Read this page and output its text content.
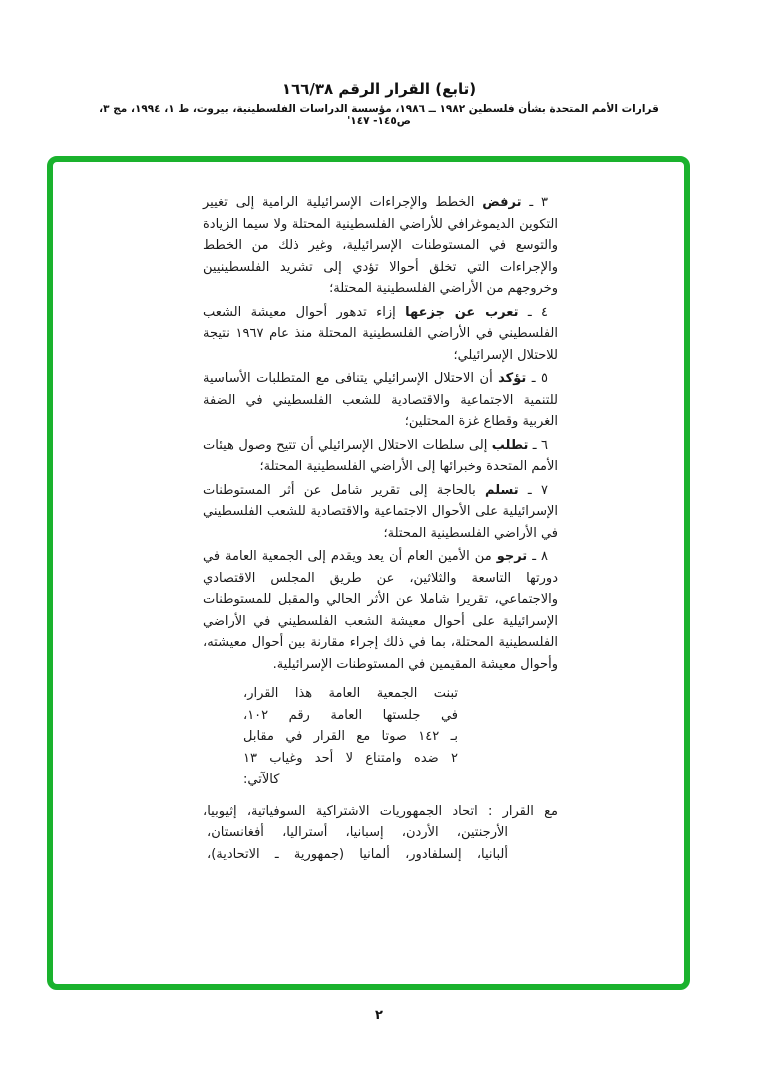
(تابع) القرار الرقم ١٦٦/٣٨
قرارات الأمم المتحدة بشأن فلسطين ١٩٨٢ ــ ١٩٨٦، مؤسسة الدراسات الفلسطينية، بيروت، ط ١، ١٩٩٤، مج ٣، ص١٤٥- ١٤٧'

٣ ـ ترفض الخطط والإجراءات الإسرائيلية الرامية إلى تغيير التكوين الديموغرافي للأراضي الفلسطينية المحتلة ولا سيما الزيادة والتوسع في المستوطنات الإسرائيلية، وغير ذلك من الخطط والإجراءات التي تخلق أحوالا تؤدي إلى تشريد الفلسطينيين وخروجهم من الأراضي الفلسطينية المحتلة؛

٤ ـ تعرب عن جزعها إزاء تدهور أحوال معيشة الشعب الفلسطيني في الأراضي الفلسطينية المحتلة منذ عام ١٩٦٧ نتيجة للاحتلال الإسرائيلي؛

٥ ـ تؤكد أن الاحتلال الإسرائيلي يتنافى مع المتطلبات الأساسية للتنمية الاجتماعية والاقتصادية للشعب الفلسطيني في الضفة الغربية وقطاع غزة المحتلين؛

٦ ـ تطلب إلى سلطات الاحتلال الإسرائيلي أن تتيح وصول هيئات الأمم المتحدة وخبرائها إلى الأراضي الفلسطينية المحتلة؛

٧ ـ تسلم بالحاجة إلى تقرير شامل عن أثر المستوطنات الإسرائيلية على الأحوال الاجتماعية والاقتصادية للشعب الفلسطيني في الأراضي الفلسطينية المحتلة؛

٨ ـ ترجو من الأمين العام أن يعد ويقدم إلى الجمعية العامة في دورتها التاسعة والثلاثين، عن طريق المجلس الاقتصادي والاجتماعي، تقريرا شاملا عن الأثر الحالي والمقبل للمستوطنات الإسرائيلية على أحوال معيشة الشعب الفلسطيني في الأراضي الفلسطينية المحتلة، بما في ذلك إجراء مقارنة بين أحوال معيشته، وأحوال معيشة المقيمين في المستوطنات الإسرائيلية.

تبنت الجمعية العامة هذا القرار،
في جلستها العامة رقم ١٠٢،
بـ ١٤٢ صوتا مع القرار في مقابل
٢ ضده وامتناع لا أحد وغياب ١٣
كالآتي:
مع القرار : اتحاد الجمهوريات الاشتراكية السوفياتية، إثيوبيا،
الأرجنتين، الأردن، إسبانيا، أستراليا، أفغانستان،
ألبانيا، إلسلفادور، ألمانيا (جمهورية ـ الاتحادية)،
٢
